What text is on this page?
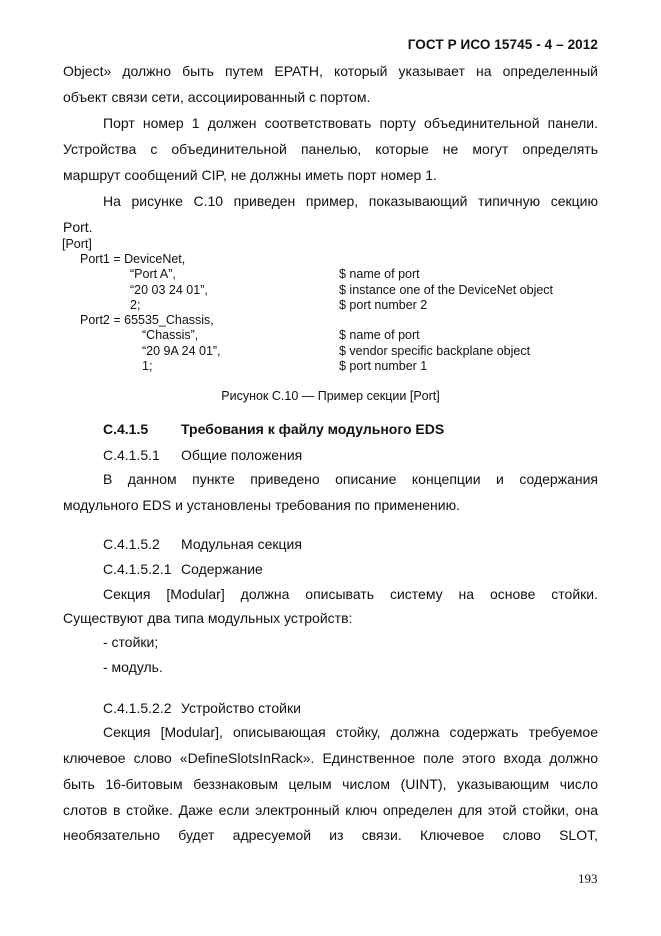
ГОСТ Р ИСО 15745 - 4 – 2012
Object» должно быть путем EPATH, который указывает на определенный
объект связи сети, ассоциированный с портом.
Порт номер 1 должен соответствовать порту объединительной панели.
Устройства с объединительной панелью, которые не могут определять
маршрут сообщений CIP, не должны иметь порт номер 1.
На рисунке С.10 приведен пример, показывающий типичную секцию
Port.
[Port]
Port1 = DeviceNet,
“Port A”,	$ name of port
“20 03 24 01”,	$ instance one of the DeviceNet object
2;	$ port number 2
Port2 = 65535_Chassis,
“Chassis”,	$ name of port
“20 9A 24 01”,	$ vendor specific backplane object
1;	$ port number 1
Рисунок С.10 — Пример секции [Port]
С.4.1.5 Требования к файлу модульного EDS
С.4.1.5.1 Общие положения
В данном пункте приведено описание концепции и содержания
модульного EDS и установлены требования по применению.
С.4.1.5.2 Модульная секция
С.4.1.5.2.1 Содержание
Секция [Modular] должна описывать систему на основе стойки.
Существуют два типа модульных устройств:
- стойки;
- модуль.
С.4.1.5.2.2 Устройство стойки
Секция [Modular], описывающая стойку, должна содержать требуемое
ключевое слово «DefineSlotsInRack». Единственное поле этого входа должно
быть 16-битовым беззнаковым целым числом (UINT), указывающим число
слотов в стойке. Даже если электронный ключ определен для этой стойки, она
необязательно будет адресуемой из связи. Ключевое слово SLOT,
193
